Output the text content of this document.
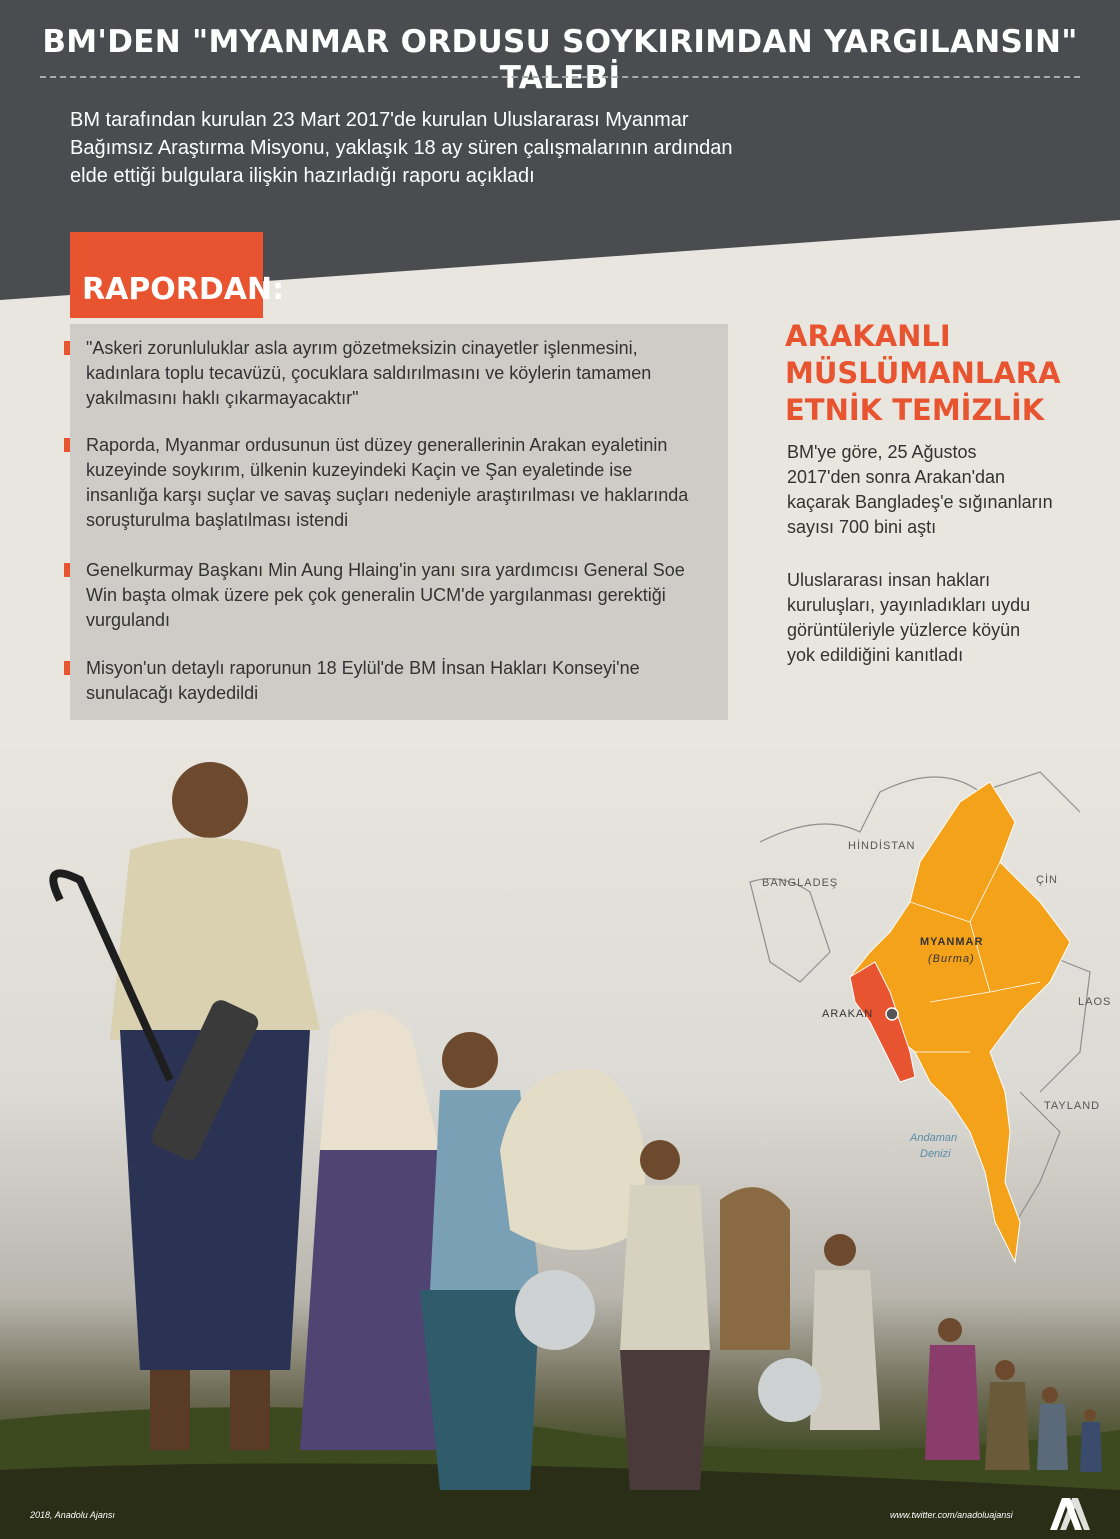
BM'DEN "MYANMAR ORDUSU SOYKIRIMDAN YARGILANSIN" TALEBİ
BM tarafından kurulan 23 Mart 2017'de kurulan Uluslararası Myanmar
Bağımsız Araştırma Misyonu, yaklaşık 18 ay süren çalışmalarının ardından
elde ettiği bulgulara ilişkin hazırladığı raporu açıkladı
RAPORDAN:
"Askeri zorunluluklar asla ayrım gözetmeksizin cinayetler işlenmesini,
kadınlara toplu tecavüzü, çocuklara saldırılmasını ve köylerin tamamen
yakılmasını haklı çıkarmayacaktır"
Raporda, Myanmar ordusunun üst düzey generallerinin Arakan eyaletinin
kuzeyinde soykırım, ülkenin kuzeyindeki Kaçin ve Şan eyaletinde ise
insanlığa karşı suçlar ve savaş suçları nedeniyle araştırılması ve haklarında
soruşturulma başlatılması istendi
Genelkurmay Başkanı Min Aung Hlaing'in yanı sıra yardımcısı General Soe
Win başta olmak üzere pek çok generalin UCM'de yargılanması gerektiği
vurgulandı
Misyon'un detaylı raporunun 18 Eylül'de BM İnsan Hakları Konseyi'ne
sunulacağı kaydedildi
ARAKANLI
MÜSLÜMANLARA
ETNİK TEMİZLİK
BM'ye göre, 25 Ağustos
2017'den sonra Arakan'dan
kaçarak Bangladeş'e sığınanların
sayısı 700 bini aştı
Uluslararası insan hakları
kuruluşları, yayınladıkları uydu
görüntüleriyle yüzlerce köyün
yok edildiğini kanıtladı
HİNDİSTAN
BANGLADEŞ	ÇİN
MYANMAR
(Burma)
ARAKAN
LAOS
TAYLAND
Andaman
Denizi
2018, Anadolu Ajansı	www.twitter.com/anadoluajansi
